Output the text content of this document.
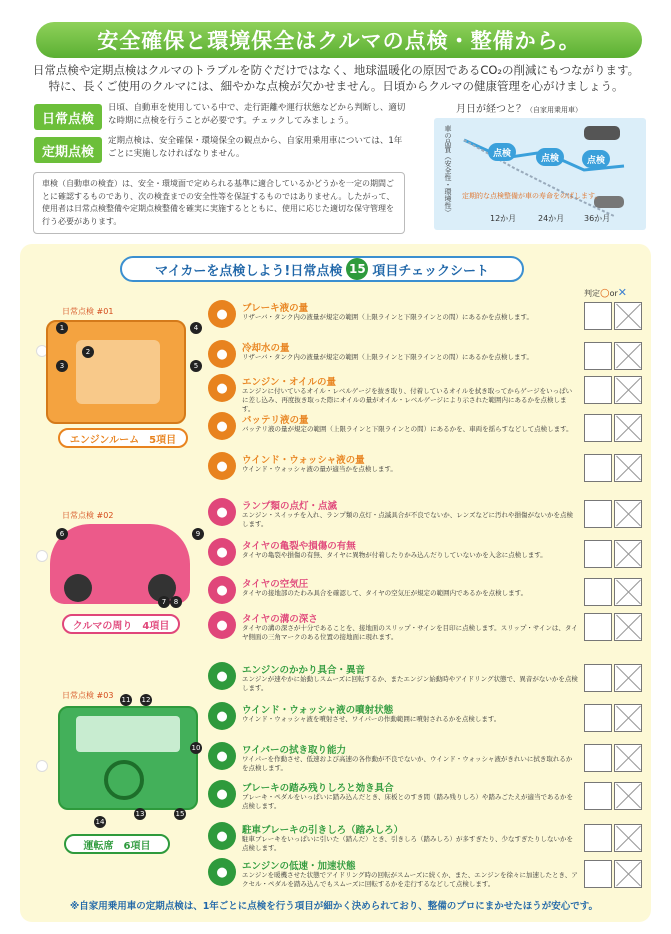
安全確保と環境保全はクルマの点検・整備から。
日常点検や定期点検はクルマのトラブルを防ぐだけではなく、地球温暖化の原因であるCO₂の削減にもつながります。
特に、長くご使用のクルマには、細やかな点検が欠かせません。日頃からクルマの健康管理を心がけましょう。
日常点検
日頃、自動車を使用している中で、走行距離や運行状態などから判断し、適切な時期に点検を行うことが必要です。チェックしてみましょう。
定期点検
定期点検は、安全確保・環境保全の観点から、自家用乗用車については、1年ごとに実施しなければなりません。
車検（自動車の検査）は、安全・環境面で定められる基準に適合しているかどうかを一定の期間ごとに確認するものであり、次の検査までの安全性等を保証するものではありません。したがって、使用者は日常点検整備や定期点検整備を確実に実施するとともに、使用に応じた適切な保守管理を行う必要があります。
月日が経つと？（自家用乗用車）
車の品質（安全性・環境性）	点検	点検	点検
定期的な点検整備が車の寿命をのばします。
12か月	24か月 36か月
マイカーを点検しよう!日常点検 15 項目チェックシート
判定○or✕
日常点検 #01
1
2
3
4
5
エンジンルーム　5項目
日常点検 #02
6	9
7	8
クルマの周り　4項目
日常点検 #03 11 12
10
14
13	15
運転席　6項目
●	ブレーキ液の量
リザーバ・タンク内の液量が規定の範囲（上限ラインと下限ラインとの間）にあるかを点検します。
●	冷却水の量
リザーバ・タンク内の液量が規定の範囲（上限ラインと下限ラインとの間）にあるかを点検します。
●	エンジン・オイルの量
エンジンに付いているオイル・レベルゲージを抜き取り、付着しているオイルを拭き取ってからゲージをいっぱいに差し込み、再度抜き取った際にオイルの量がオイル・レベルゲージにより示された範囲内にあるかを点検します。
●	バッテリ液の量
バッテリ液の量が規定の範囲（上限ラインと下限ラインとの間）にあるかを、車両を揺らすなどして点検します。
●	ウインド・ウォッシャ液の量
ウインド・ウォッシャ液の量が適当かを点検します。
●	ランプ類の点灯・点滅
エンジン・スイッチを入れ、ランプ類の点灯・点滅具合が不良でないか、レンズなどに汚れや損傷がないかを点検します。
●	タイヤの亀裂や損傷の有無
タイヤの亀裂や損傷の有無、タイヤに異物が付着したりかみ込んだりしていないかを入念に点検します。
●	タイヤの空気圧
タイヤの接地部のたわみ具合を確認して、タイヤの空気圧が規定の範囲内であるかを点検します。
●	タイヤの溝の深さ
タイヤの溝の深さが十分であることを、接地面のスリップ・サインを目印に点検します。スリップ・サインは、タイヤ側面の三角マークのある位置の接地面に現れます。
●	エンジンのかかり具合・異音
エンジンが速やかに始動しスムーズに回転するか、またエンジン始動時やアイドリング状態で、異音がないかを点検します。
●	ウインド・ウォッシャ液の噴射状態
ウインド・ウォッシャ液を噴射させ、ワイパーの作動範囲に噴射されるかを点検します。
●	ワイパーの拭き取り能力
ワイパーを作動させ、低速および高速の各作動が不良でないか、ウインド・ウォッシャ液がきれいに拭き取れるかを点検します。
●	ブレーキの踏み残りしろと効き具合
ブレーキ・ペダルをいっぱいに踏み込んだとき、床板とのすき間（踏み残りしろ）や踏みごたえが適当であるかを点検します。
●	駐車ブレーキの引きしろ（踏みしろ）
駐車ブレーキをいっぱいに引いた（踏んだ）とき、引きしろ（踏みしろ）が多すぎたり、少なすぎたりしないかを点検します。
●	エンジンの低速・加速状態
エンジンを暖機させた状態でアイドリング時の回転がスムーズに続くか、また、エンジンを徐々に加速したとき、アクセル・ペダルを踏み込んでもスムーズに回転するかを走行するなどして点検します。
※自家用乗用車の定期点検は、1年ごとに点検を行う項目が細かく決められており、整備のプロにまかせたほうが安心です。
